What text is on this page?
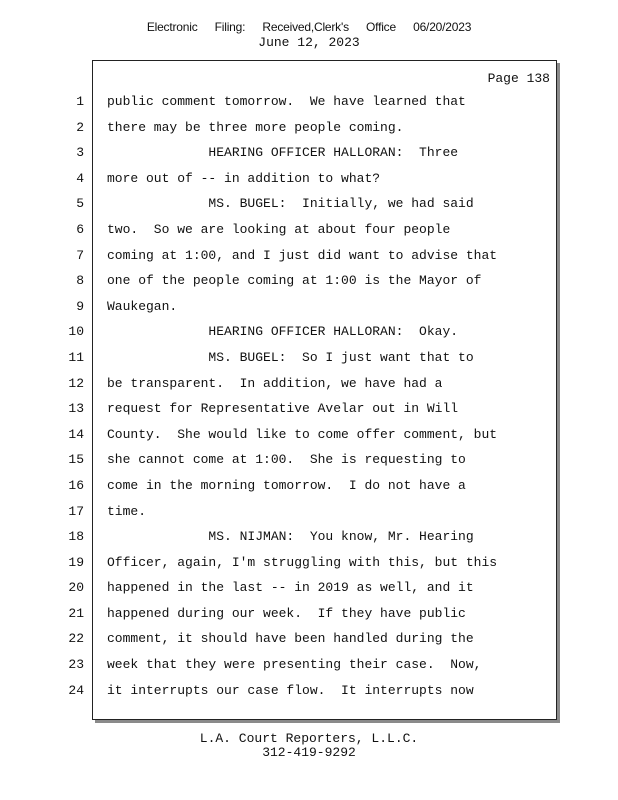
Electronic Filing: Received,Clerk's Office 06/20/2023
June 12, 2023
Page 138
1 public comment tomorrow.  We have learned that
2 there may be three more people coming.
3 HEARING OFFICER HALLORAN:  Three
4 more out of -- in addition to what?
5 MS. BUGEL:  Initially, we had said
6 two.  So we are looking at about four people
7 coming at 1:00, and I just did want to advise that
8 one of the people coming at 1:00 is the Mayor of
9 Waukegan.
10 HEARING OFFICER HALLORAN:  Okay.
11 MS. BUGEL:  So I just want that to
12 be transparent.  In addition, we have had a
13 request for Representative Avelar out in Will
14 County.  She would like to come offer comment, but
15 she cannot come at 1:00.  She is requesting to
16 come in the morning tomorrow.  I do not have a
17 time.
18 MS. NIJMAN:  You know, Mr. Hearing
19 Officer, again, I'm struggling with this, but this
20 happened in the last -- in 2019 as well, and it
21 happened during our week.  If they have public
22 comment, it should have been handled during the
23 week that they were presenting their case.  Now,
24 it interrupts our case flow.  It interrupts now
L.A. Court Reporters, L.L.C.
312-419-9292
